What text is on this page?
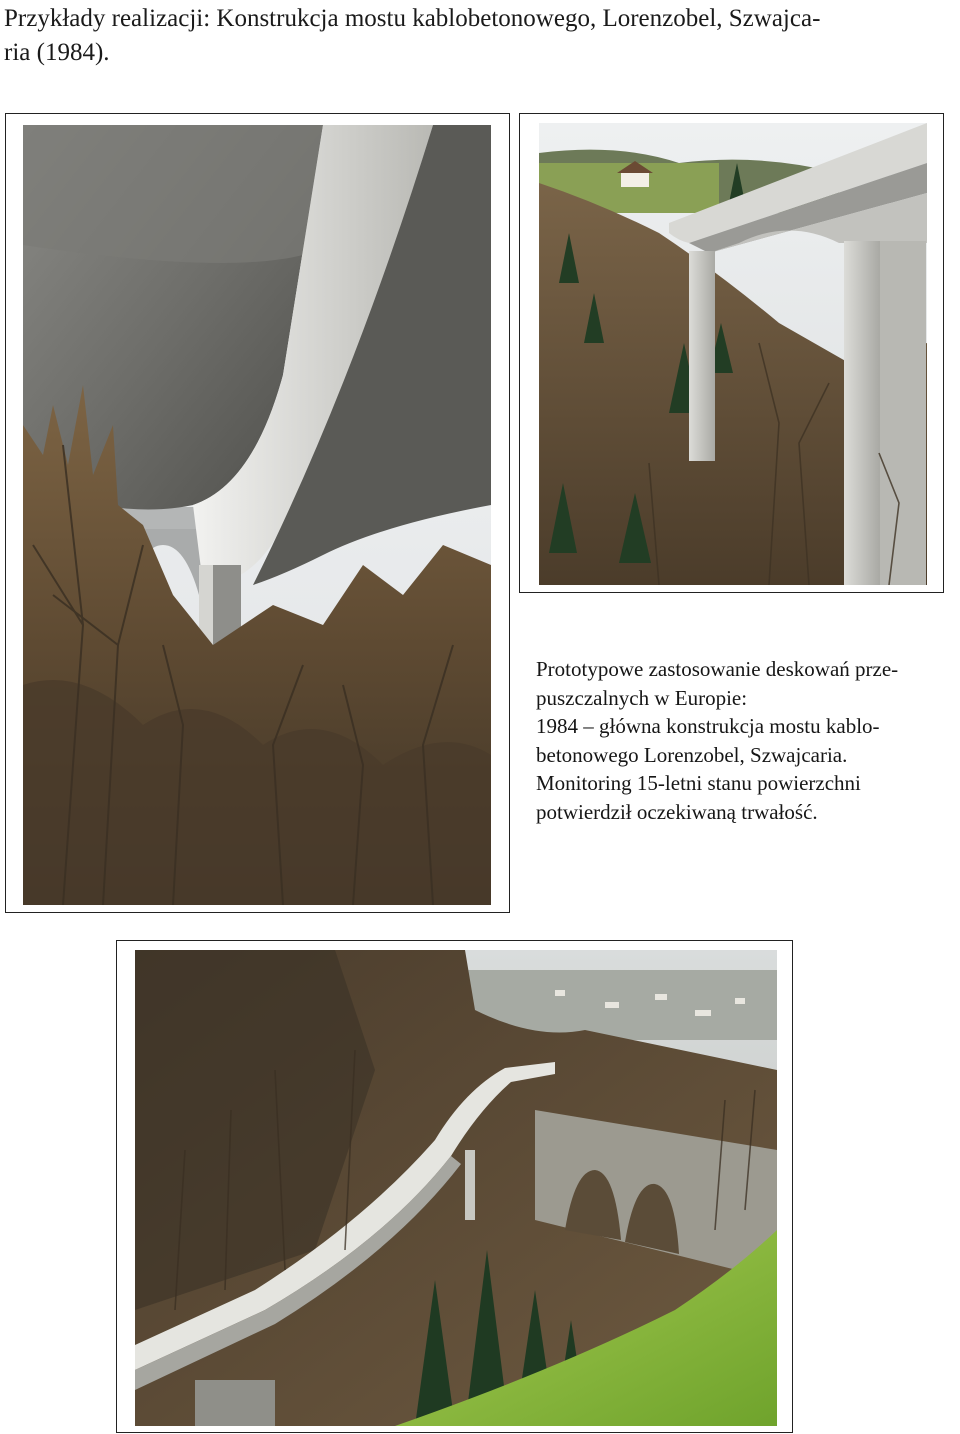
Przykłady realizacji: Konstrukcja mostu kablobetonowego, Lorenzobel, Szwajca-
ria (1984).

Prototypowe zastosowanie deskowań prze-

puszczalnych w Europie:

1984 – główna konstrukcja mostu kablo-

betonowego Lorenzobel, Szwajcaria.

Monitoring 15-letni stanu powierzchni

potwierdził oczekiwaną trwałość.
